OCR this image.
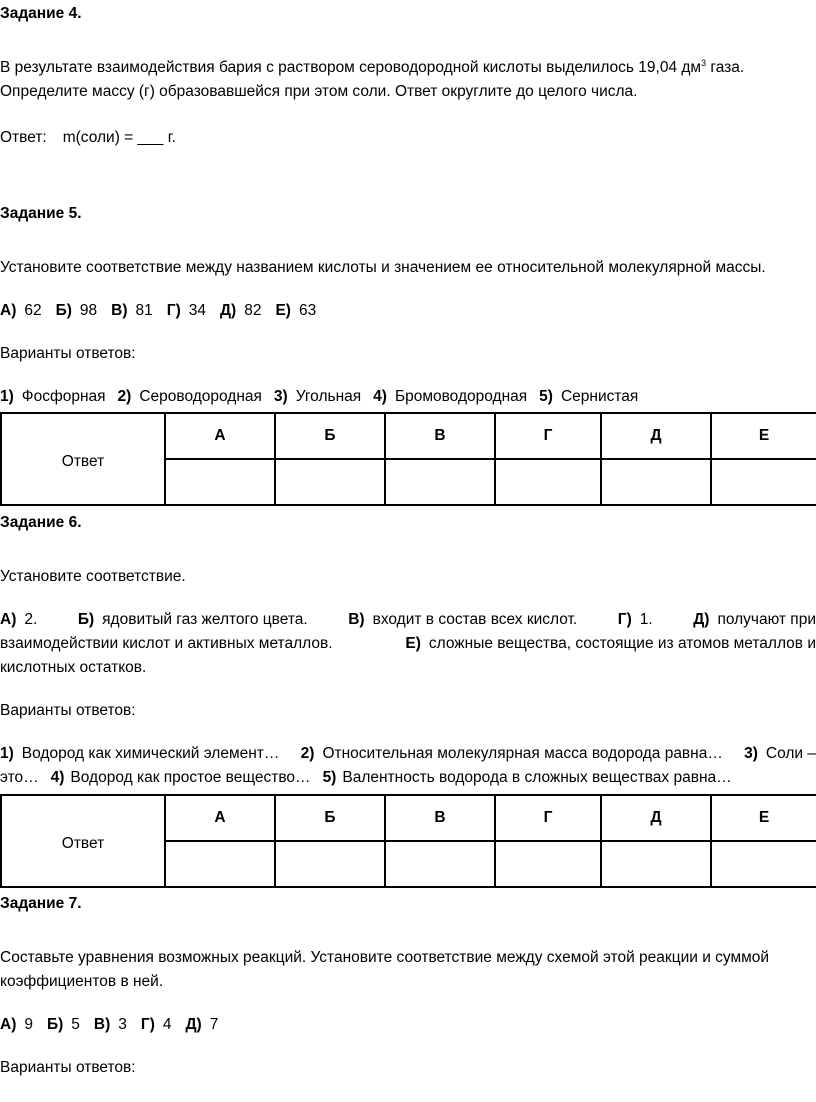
Задание 4.
В результате взаимодействия бария с раствором сероводородной кислоты выделилось 19,04 $дм^3$ газа.
Определите массу (г) образовавшейся при этом соли. Ответ округлите до целого числа.
Ответ: m(соли) = ___ г.
Задание 5.
Установите соответствие между названием кислоты и значением ее относительной молекулярной массы.
А) 62 Б) 98 В) 81 Г) 34 Д) 82 Е) 63
Варианты ответов:
1) Фосфорная 2) Сероводородная 3) Угольная 4) Бромоводородная 5) Сернистая
Ответ	А	Б	В	Г	Д	Е

Задание 6.
Установите соответствие.
А) 2.	Б) ядовитый газ желтого цвета.	В) входит в состав всех кислот.	Г) 1.	Д) получают при
взаимодействии кислот и активных металлов.	Е) сложные вещества, состоящие из атомов металлов и
кислотных остатков.
Варианты ответов:
1) Водород как химический элемент… 2) Относительная молекулярная масса водорода равна… 3) Соли –
это… 4) Водород как простое вещество… 5) Валентность водорода в сложных веществах равна…
Ответ	А	Б	В	Г	Д	Е

Задание 7.
Составьте уравнения возможных реакций. Установите соответствие между схемой этой реакции и суммой
коэффициентов в ней.
А) 9 Б) 5 В) 3 Г) 4 Д) 7
Варианты ответов:
